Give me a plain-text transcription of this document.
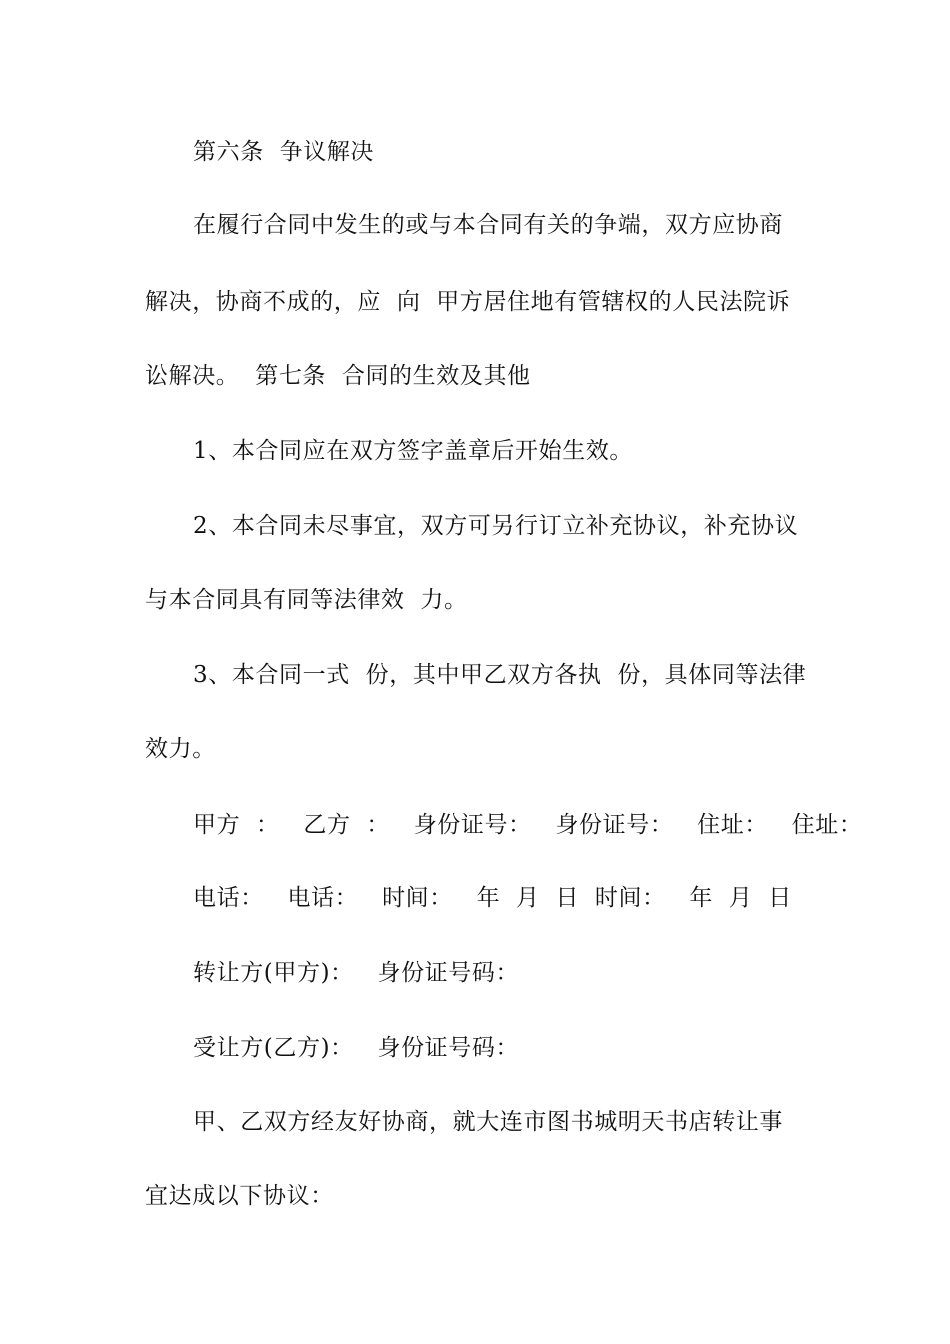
第六条  争议解决

在履行合同中发生的或与本合同有关的争端，双方应协商

解决，协商不成的，应  向  甲方居住地有管辖权的人民法院诉

讼解决。  第七条  合同的生效及其他

1、本合同应在双方签字盖章后开始生效。

2、本合同未尽事宜，双方可另行订立补充协议，补充协议

与本合同具有同等法律效  力。

3、本合同一式  份，其中甲乙双方各执  份，具体同等法律

效力。

甲方  ：   乙方  ：   身份证号：   身份证号：   住址：   住址：

电话：   电话：   时间：   年  月  日  时间：   年  月  日

转让方(甲方)：   身份证号码：

受让方(乙方)：   身份证号码：

甲、乙双方经友好协商，就大连市图书城明天书店转让事

宜达成以下协议：
